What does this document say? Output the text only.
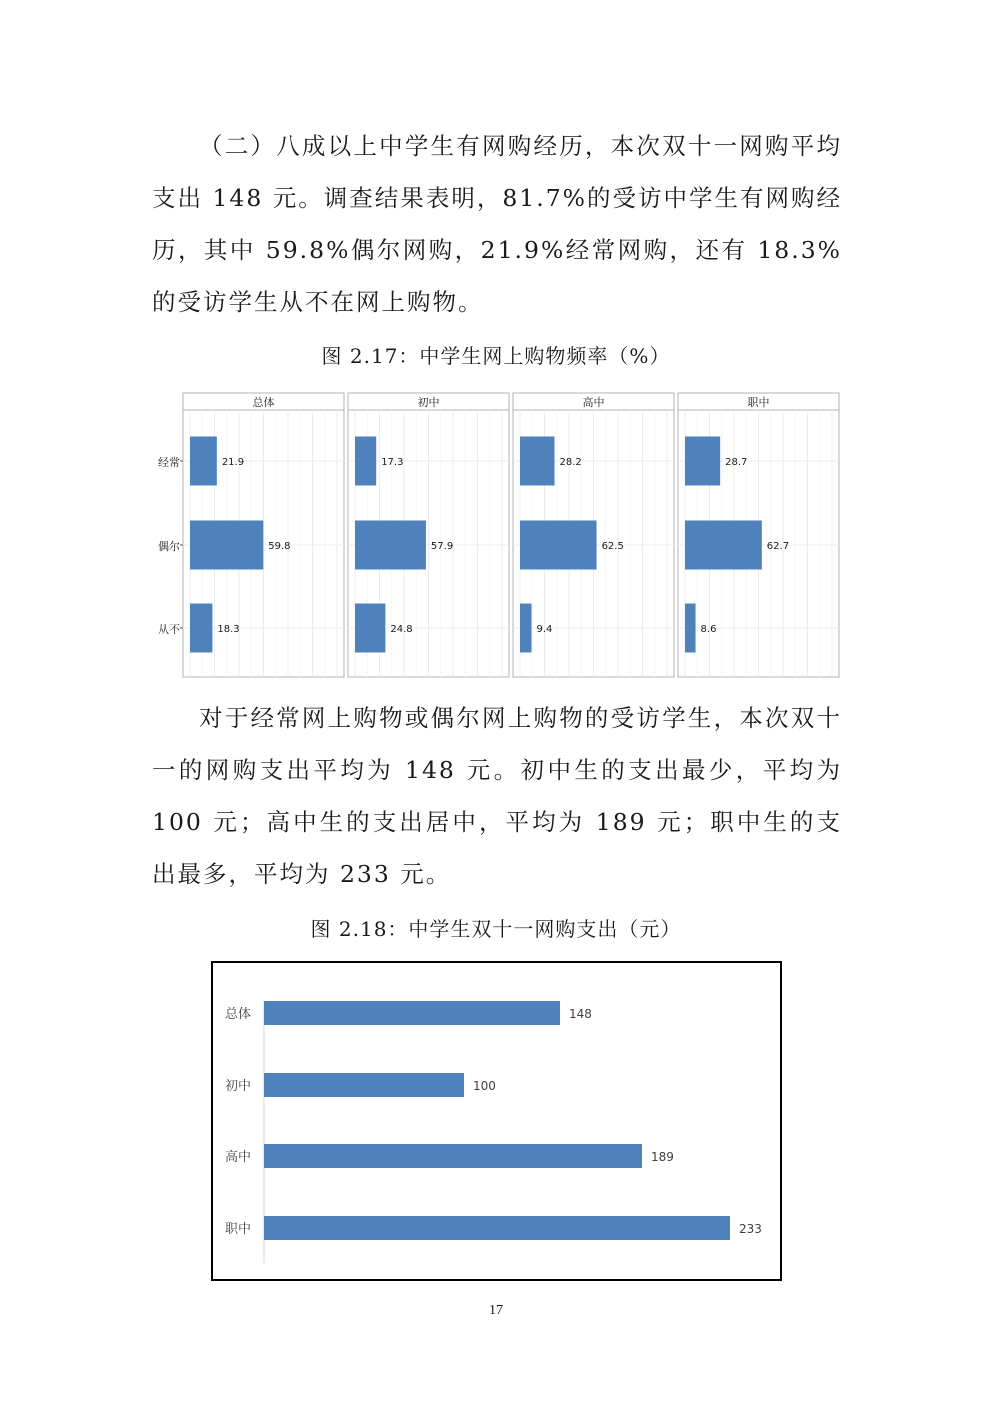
（二）八成以上中学生有网购经历，本次双十一网购平均支出 148 元。调查结果表明，81.7%的受访中学生有网购经历，其中 59.8%偶尔网购，21.9%经常网购，还有 18.3%的受访学生从不在网上购物。

图 2.17：中学生网上购物频率（%）

总体
21.9
59.8
18.3
初中
17.3
57.9
24.8
高中
28.2
62.5
9.4
职中
28.7
62.7
8.6
经常
偶尔
从不

对于经常网上购物或偶尔网上购物的受访学生，本次双十一的网购支出平均为 148 元。初中生的支出最少，平均为 100 元；高中生的支出居中，平均为 189 元；职中生的支出最多，平均为 233 元。

图 2.18：中学生双十一网购支出（元）

总体	148
初中	100
高中	189
职中	233
17
